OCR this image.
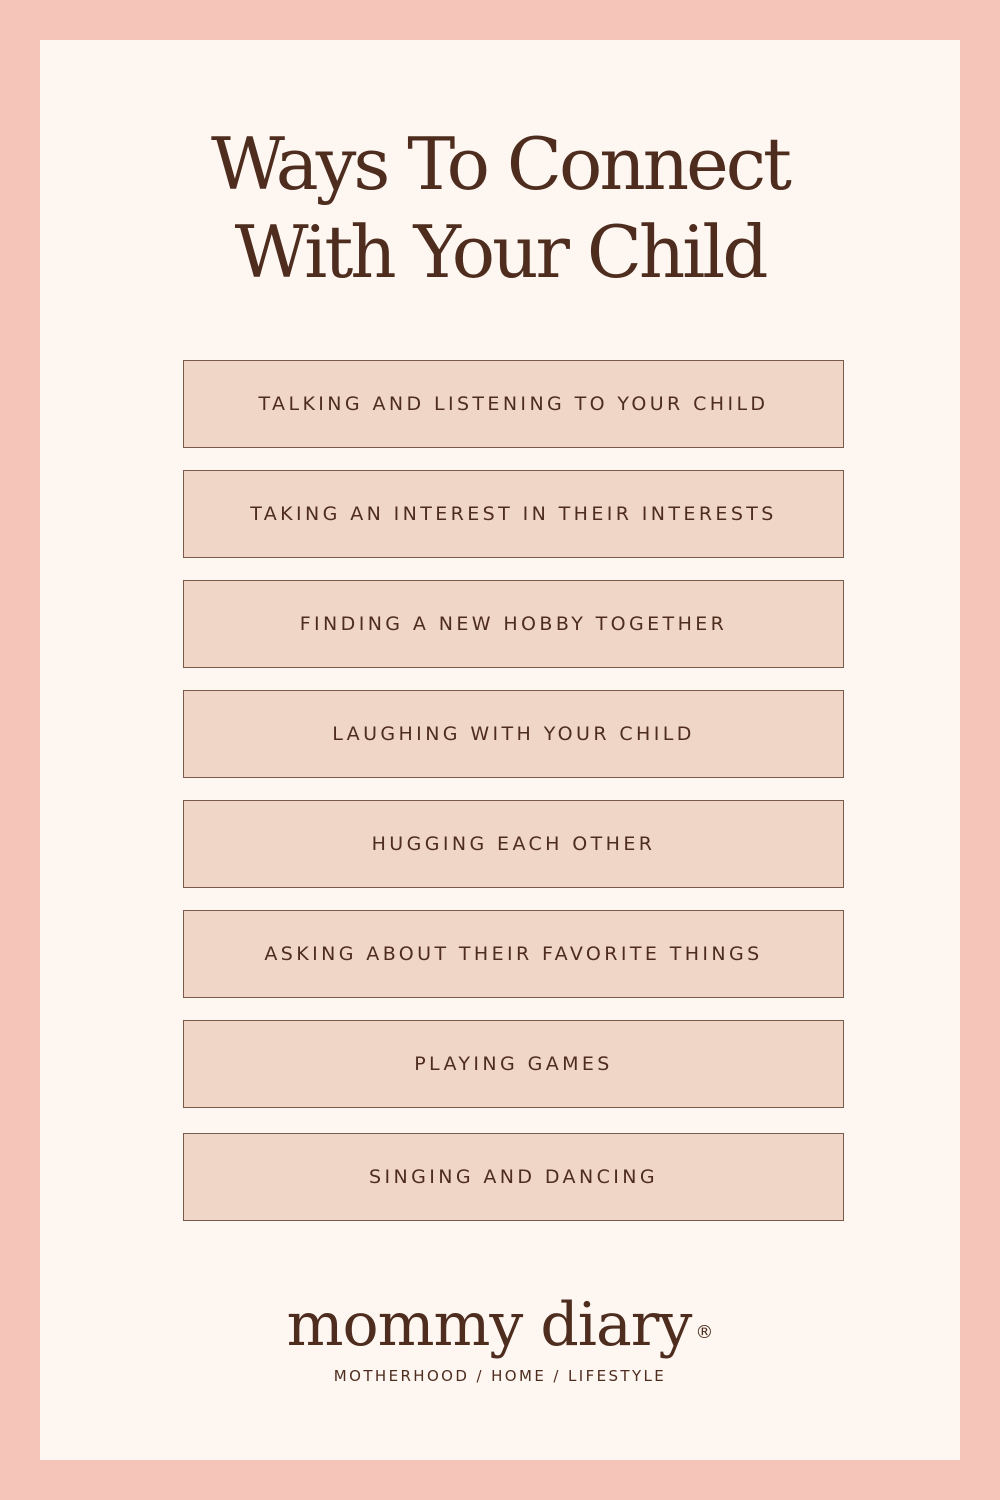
Ways To Connect
With Your Child
TALKING AND LISTENING TO YOUR CHILD
TAKING AN INTEREST IN THEIR INTERESTS
FINDING A NEW HOBBY TOGETHER
LAUGHING WITH YOUR CHILD
HUGGING EACH OTHER
ASKING ABOUT THEIR FAVORITE THINGS
PLAYING GAMES
SINGING AND DANCING
mommy diary ®
MOTHERHOOD / HOME / LIFESTYLE
